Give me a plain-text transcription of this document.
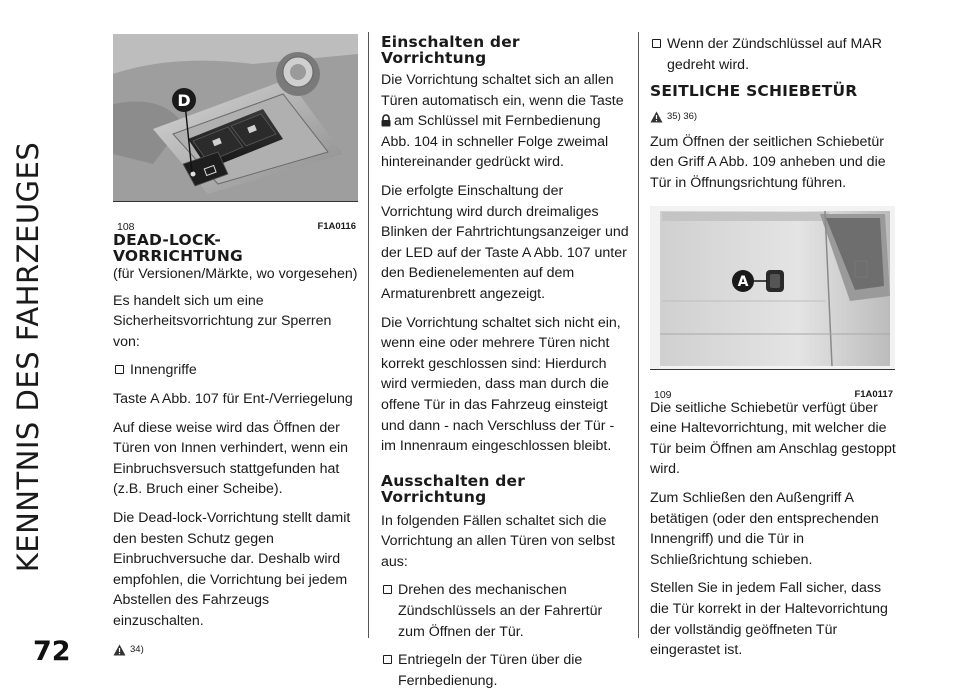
KENNTNIS DES FAHRZEUGES
72
D
108	F1A0116
DEAD-LOCK-
VORRICHTUNG

(für Versionen/Märkte, wo vorgesehen)

Es handelt sich um eine Sicherheitsvorrichtung zur Sperren von:

Innengriffe

Taste A Abb. 107 für Ent-/Verriegelung

Auf diese weise wird das Öffnen der Türen von Innen verhindert, wenn ein Einbruchsversuch stattgefunden hat (z.B. Bruch einer Scheibe).

Die Dead-lock-Vorrichtung stellt damit den besten Schutz gegen Einbruchversuche dar. Deshalb wird empfohlen, die Vorrichtung bei jedem Abstellen des Fahrzeugs einzuschalten.

34)
Einschalten der
Vorrichtung

Die Vorrichtung schaltet sich an allen Türen automatisch ein, wenn die Taste
am Schlüssel mit Fernbedienung Abb. 104 in schneller Folge zweimal hintereinander gedrückt wird.

Die erfolgte Einschaltung der Vorrichtung wird durch dreimaliges Blinken der Fahrtrichtungsanzeiger und der LED auf der Taste A Abb. 107 unter den Bedienelementen auf dem Armaturenbrett angezeigt.

Die Vorrichtung schaltet sich nicht ein, wenn eine oder mehrere Türen nicht korrekt geschlossen sind: Hierdurch wird vermieden, dass man durch die offene Tür in das Fahrzeug einsteigt und dann - nach Verschluss der Tür - im Innenraum eingeschlossen bleibt.

Ausschalten der
Vorrichtung

In folgenden Fällen schaltet sich die Vorrichtung an allen Türen von selbst aus:

Drehen des mechanischen Zündschlüssels an der Fahrertür zum Öffnen der Tür.
Entriegeln der Türen über die Fernbedienung.
Wenn der Zündschlüssel auf MAR gedreht wird.
SEITLICHE SCHIEBETÜR
35) 36)

Zum Öffnen der seitlichen Schiebetür den Griff A Abb. 109 anheben und die Tür in Öffnungsrichtung führen.

A
109	F1A0117

Die seitliche Schiebetür verfügt über eine Haltevorrichtung, mit welcher die Tür beim Öffnen am Anschlag gestoppt wird.

Zum Schließen den Außengriff A betätigen (oder den entsprechenden Innengriff) und die Tür in Schließrichtung schieben.

Stellen Sie in jedem Fall sicher, dass die Tür korrekt in der Haltevorrichtung der vollständig geöffneten Tür eingerastet ist.
